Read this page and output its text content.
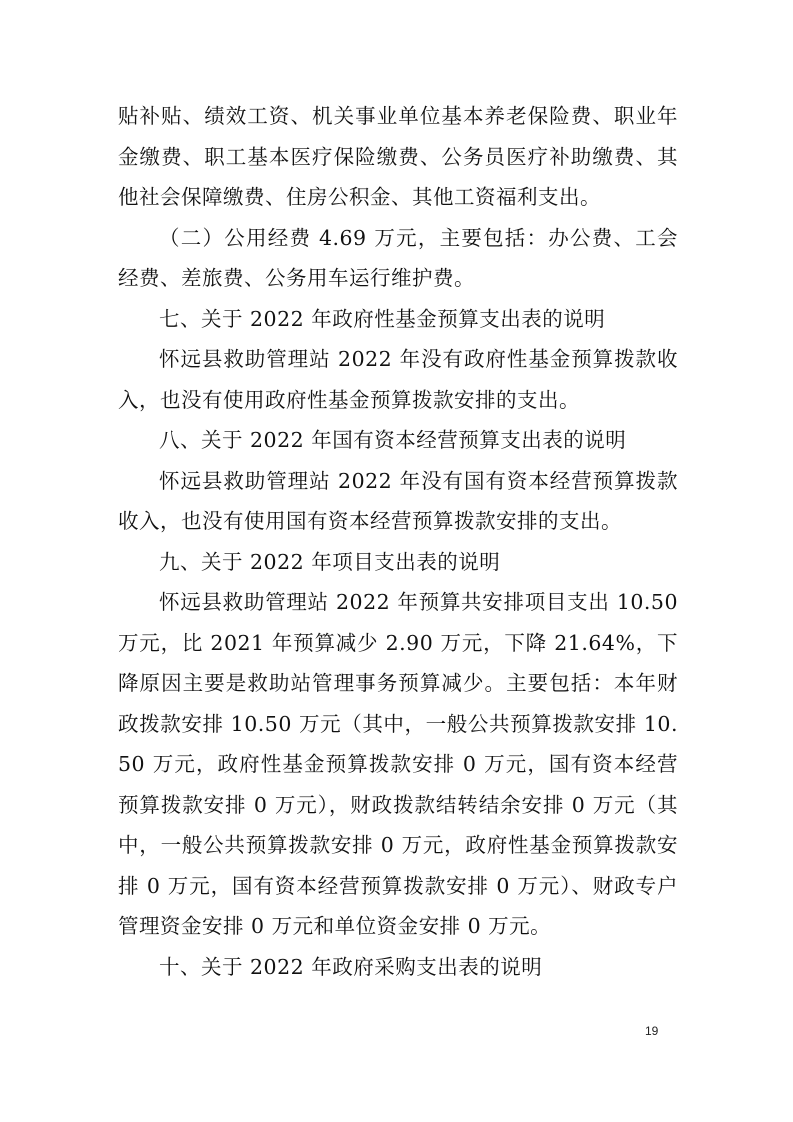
贴补贴、绩效工资、机关事业单位基本养老保险费、职业年金缴费、职工基本医疗保险缴费、公务员医疗补助缴费、其他社会保障缴费、住房公积金、其他工资福利支出。

（二）公用经费 4.69 万元，主要包括：办公费、工会经费、差旅费、公务用车运行维护费。

七、关于 2022 年政府性基金预算支出表的说明

怀远县救助管理站 2022 年没有政府性基金预算拨款收入，也没有使用政府性基金预算拨款安排的支出。

八、关于 2022 年国有资本经营预算支出表的说明

怀远县救助管理站 2022 年没有国有资本经营预算拨款收入，也没有使用国有资本经营预算拨款安排的支出。

九、关于 2022 年项目支出表的说明

怀远县救助管理站 2022 年预算共安排项目支出 10.50 万元，比 2021 年预算减少 2.90 万元，下降 21.64%，下降原因主要是救助站管理事务预算减少。主要包括：本年财政拨款安排 10.50 万元（其中，一般公共预算拨款安排 10.50 万元，政府性基金预算拨款安排 0 万元，国有资本经营预算拨款安排 0 万元），财政拨款结转结余安排 0 万元（其中，一般公共预算拨款安排 0 万元，政府性基金预算拨款安排 0 万元，国有资本经营预算拨款安排 0 万元）、财政专户管理资金安排 0 万元和单位资金安排 0 万元。

十、关于 2022 年政府采购支出表的说明

19
